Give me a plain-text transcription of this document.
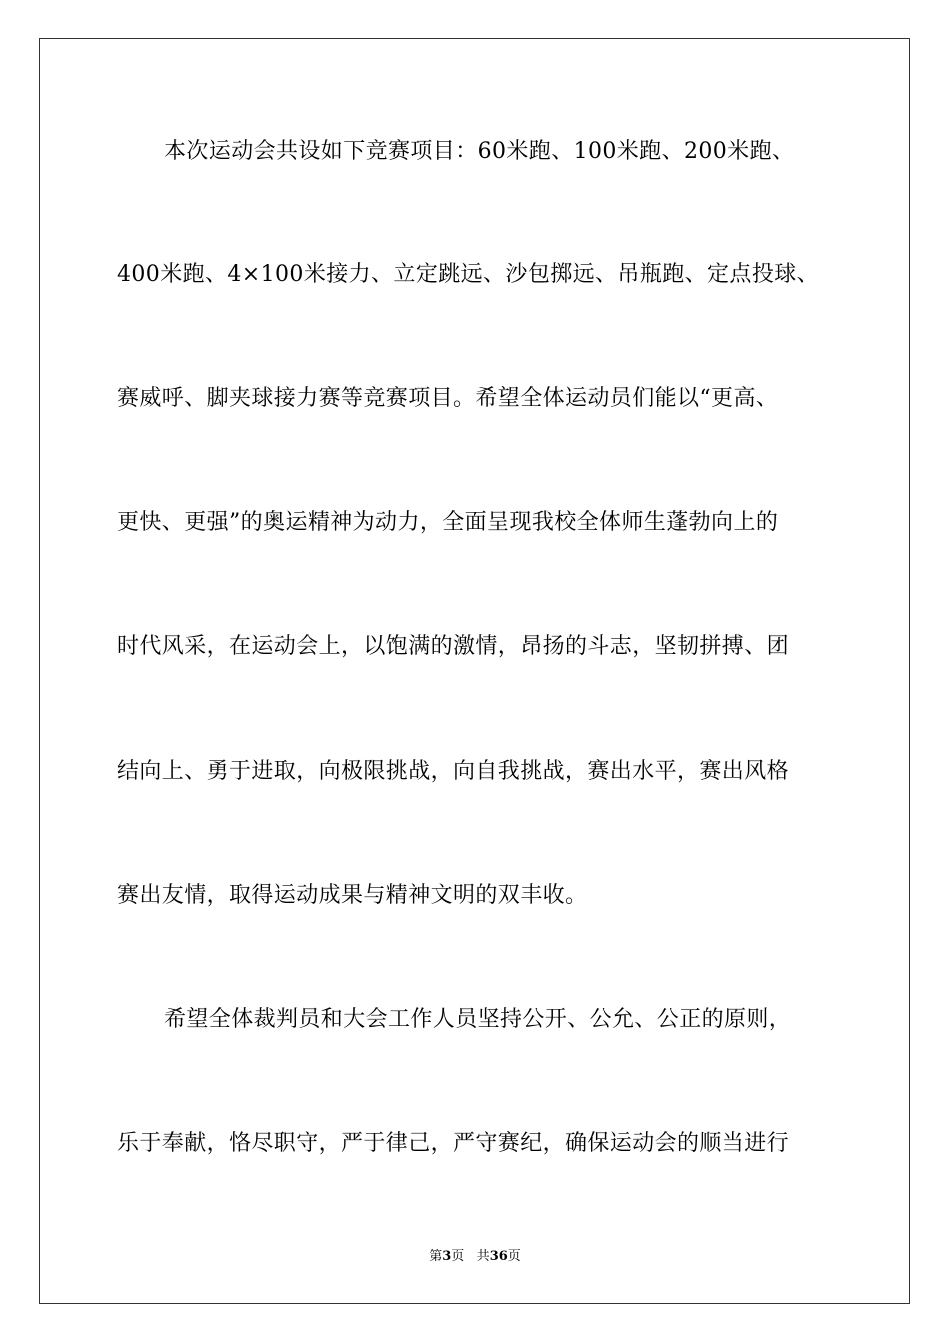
本次运动会共设如下竞赛项目：60米跑、100米跑、200米跑、
400米跑、4×100米接力、立定跳远、沙包掷远、吊瓶跑、定点投球、
赛威呼、脚夹球接力赛等竞赛项目。希望全体运动员们能以“更高、
更快、更强”的奥运精神为动力，全面呈现我校全体师生蓬勃向上的
时代风采，在运动会上，以饱满的激情，昂扬的斗志，坚韧拼搏、团
结向上、勇于进取，向极限挑战，向自我挑战，赛出水平，赛出风格
赛出友情，取得运动成果与精神文明的双丰收。
希望全体裁判员和大会工作人员坚持公开、公允、公正的原则，
乐于奉献，恪尽职守，严于律己，严守赛纪，确保运动会的顺当进行
第3页 共36页
